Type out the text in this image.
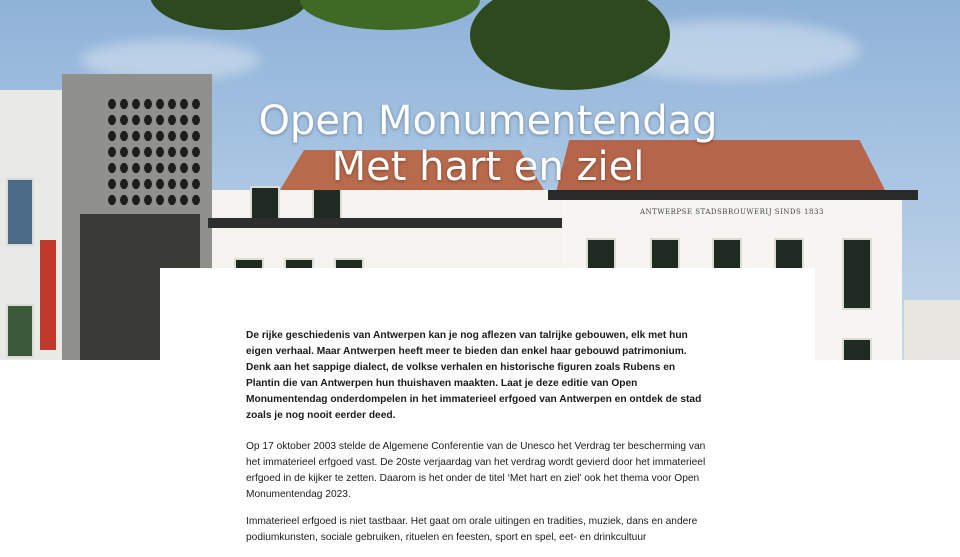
ANTWERPSE STADSBROUWERIJ SINDS 1833
Open Monumentendag
Met hart en ziel

De rijke geschiedenis van Antwerpen kan je nog aflezen van talrijke gebouwen, elk met hun eigen verhaal. Maar Antwerpen heeft meer te bieden dan enkel haar gebouwd patrimonium. Denk aan het sappige dialect, de volkse verhalen en historische figuren zoals Rubens en Plantin die van Antwerpen hun thuishaven maakten. Laat je deze editie van Open Monumentendag onderdompelen in het immaterieel erfgoed van Antwerpen en ontdek de stad zoals je nog nooit eerder deed.

Op 17 oktober 2003 stelde de Algemene Conferentie van de Unesco het Verdrag ter bescherming van het immaterieel erfgoed vast. De 20ste verjaardag van het verdrag wordt gevierd door het immaterieel erfgoed in de kijker te zetten. Daarom is het onder de titel ‘Met hart en ziel’ ook het thema voor Open Monumentendag 2023.

Immaterieel erfgoed is niet tastbaar. Het gaat om orale uitingen en tradities, muziek, dans en andere podiumkunsten, sociale gebruiken, rituelen en feesten, sport en spel, eet- en drinkcultuur
